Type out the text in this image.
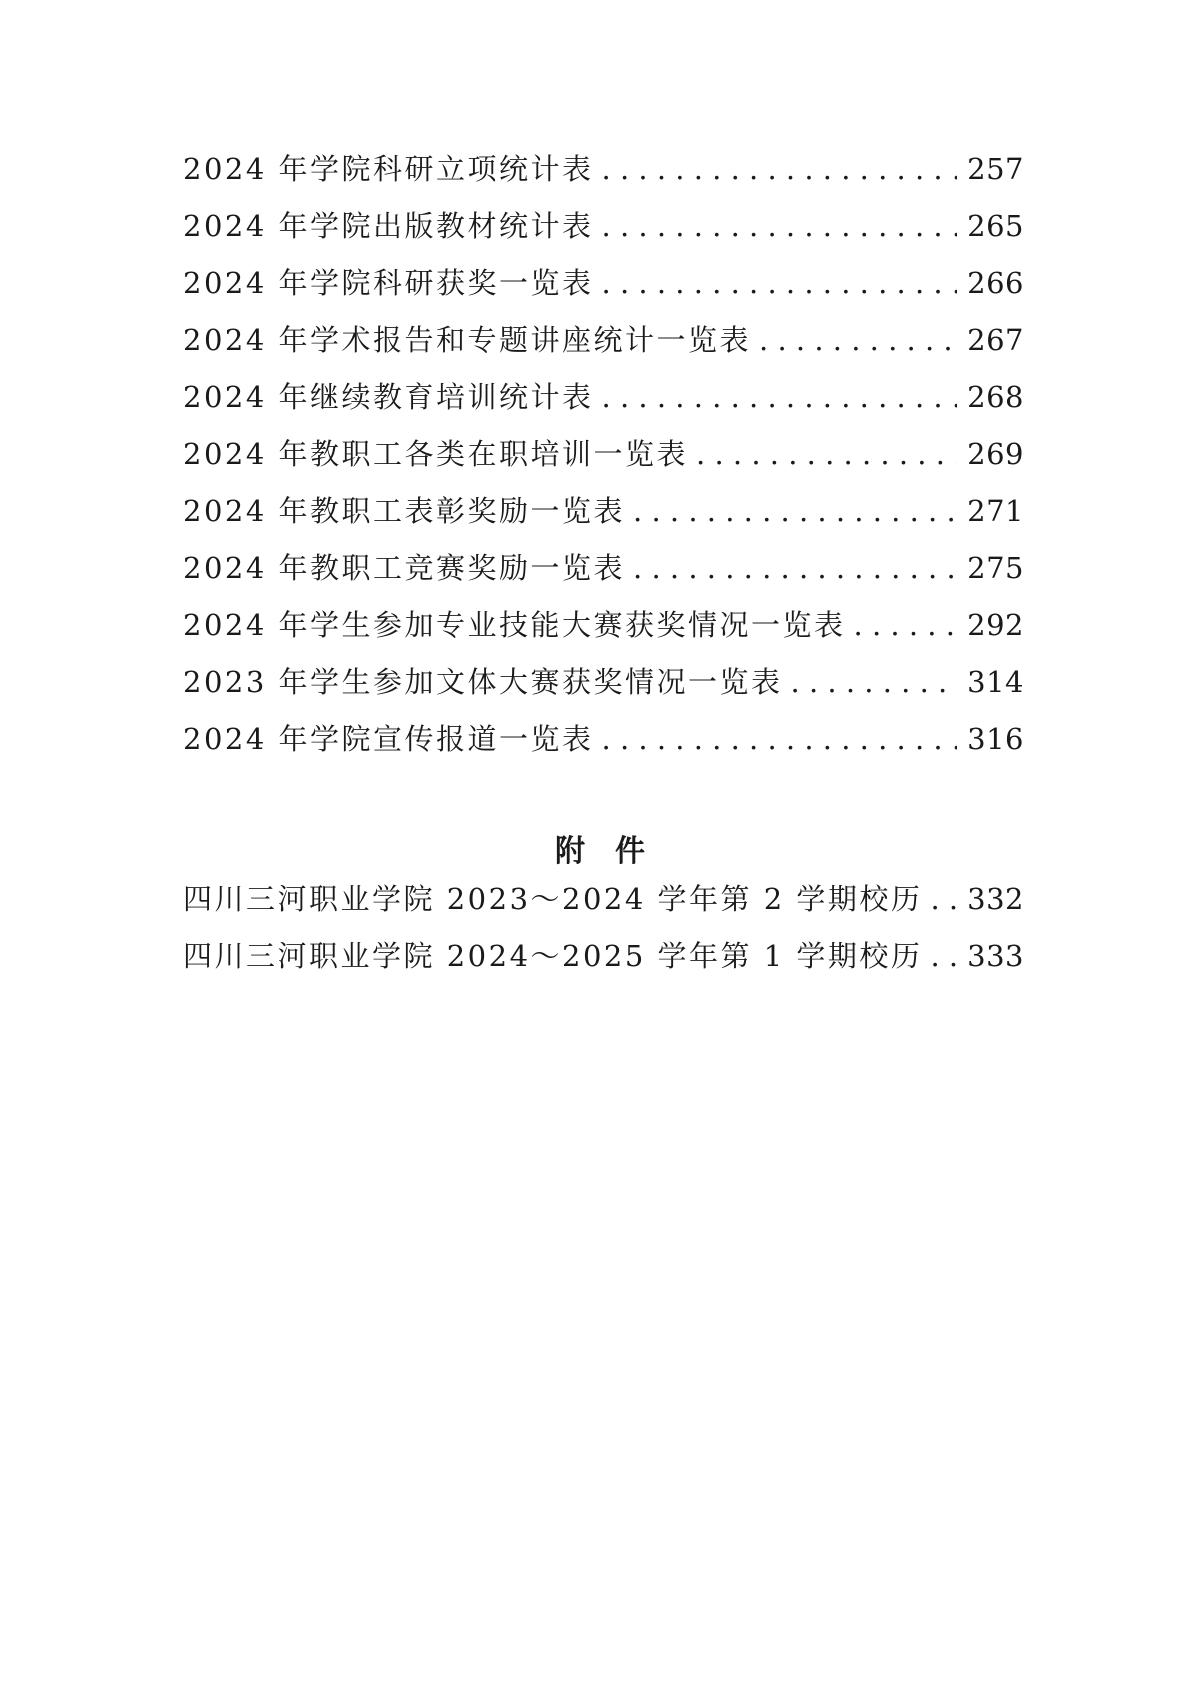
2024 年学院科研立项统计表 . . .	257
2024 年学院出版教材统计表 . . .	265
2024 年学院科研获奖一览表 . . .	266
2024 年学术报告和专题讲座统计一览表 . . .	267
2024 年继续教育培训统计表 . . .	268
2024 年教职工各类在职培训一览表 . . .	269
2024 年教职工表彰奖励一览表 . . .	271
2024 年教职工竞赛奖励一览表 . . .	275
2024 年学生参加专业技能大赛获奖情况一览表 . . .	292
2023 年学生参加文体大赛获奖情况一览表 . . .	314
2024 年学院宣传报道一览表 . . .	316
附件
四川三河职业学院 2023～2024 学年第 2 学期校历 . . . 332
四川三河职业学院 2024～2025 学年第 1 学期校历 . . . 333
